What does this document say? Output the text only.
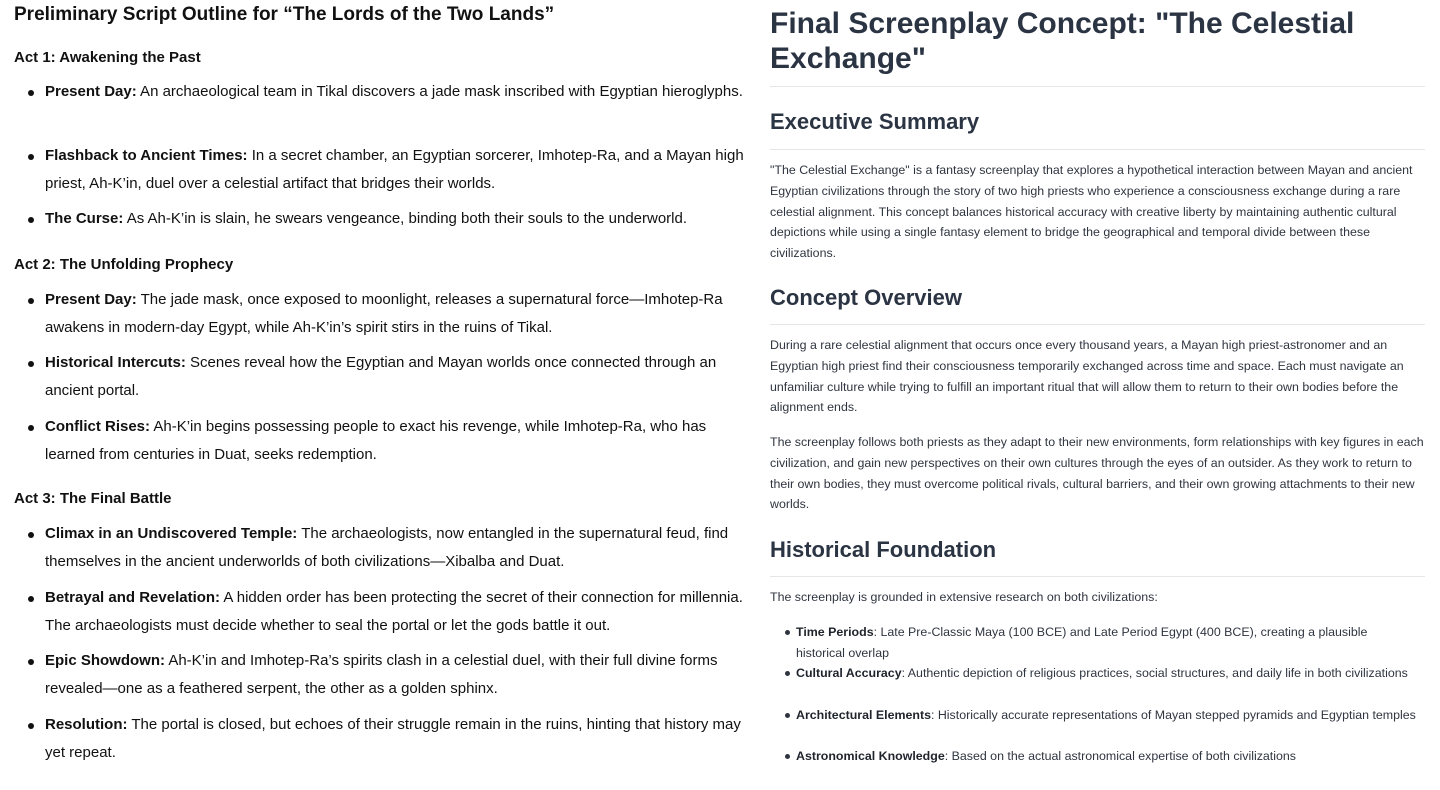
Preliminary Script Outline for “The Lords of the Two Lands”
Act 1: Awakening the Past

Present Day: An archaeological team in Tikal discovers a jade mask inscribed with Egyptian hieroglyphs.

Flashback to Ancient Times: In a secret chamber, an Egyptian sorcerer, Imhotep-Ra, and a Mayan high priest, Ah-K’in, duel over a celestial artifact that bridges their worlds.

The Curse: As Ah-K’in is slain, he swears vengeance, binding both their souls to the underworld.

Act 2: The Unfolding Prophecy

Present Day: The jade mask, once exposed to moonlight, releases a supernatural force—Imhotep-Ra awakens in modern-day Egypt, while Ah-K’in’s spirit stirs in the ruins of Tikal.

Historical Intercuts: Scenes reveal how the Egyptian and Mayan worlds once connected through an ancient portal.

Conflict Rises: Ah-K’in begins possessing people to exact his revenge, while Imhotep-Ra, who has learned from centuries in Duat, seeks redemption.

Act 3: The Final Battle

Climax in an Undiscovered Temple: The archaeologists, now entangled in the supernatural feud, find themselves in the ancient underworlds of both civilizations—Xibalba and Duat.

Betrayal and Revelation: A hidden order has been protecting the secret of their connection for millennia. The archaeologists must decide whether to seal the portal or let the gods battle it out.

Epic Showdown: Ah-K’in and Imhotep-Ra’s spirits clash in a celestial duel, with their full divine forms revealed—one as a feathered serpent, the other as a golden sphinx.

Resolution: The portal is closed, but echoes of their struggle remain in the ruins, hinting that history may yet repeat.

Final Screenplay Concept: "The Celestial Exchange"
Executive Summary

"The Celestial Exchange" is a fantasy screenplay that explores a hypothetical interaction between Mayan and ancient Egyptian civilizations through the story of two high priests who experience a consciousness exchange during a rare celestial alignment. This concept balances historical accuracy with creative liberty by maintaining authentic cultural depictions while using a single fantasy element to bridge the geographical and temporal divide between these civilizations.

Concept Overview

During a rare celestial alignment that occurs once every thousand years, a Mayan high priest-astronomer and an Egyptian high priest find their consciousness temporarily exchanged across time and space. Each must navigate an unfamiliar culture while trying to fulfill an important ritual that will allow them to return to their own bodies before the alignment ends.

The screenplay follows both priests as they adapt to their new environments, form relationships with key figures in each civilization, and gain new perspectives on their own cultures through the eyes of an outsider. As they work to return to their own bodies, they must overcome political rivals, cultural barriers, and their own growing attachments to their new worlds.

Historical Foundation

The screenplay is grounded in extensive research on both civilizations:

Time Periods: Late Pre-Classic Maya (100 BCE) and Late Period Egypt (400 BCE), creating a plausible historical overlap

Cultural Accuracy: Authentic depiction of religious practices, social structures, and daily life in both civilizations

Architectural Elements: Historically accurate representations of Mayan stepped pyramids and Egyptian temples

Astronomical Knowledge: Based on the actual astronomical expertise of both civilizations
